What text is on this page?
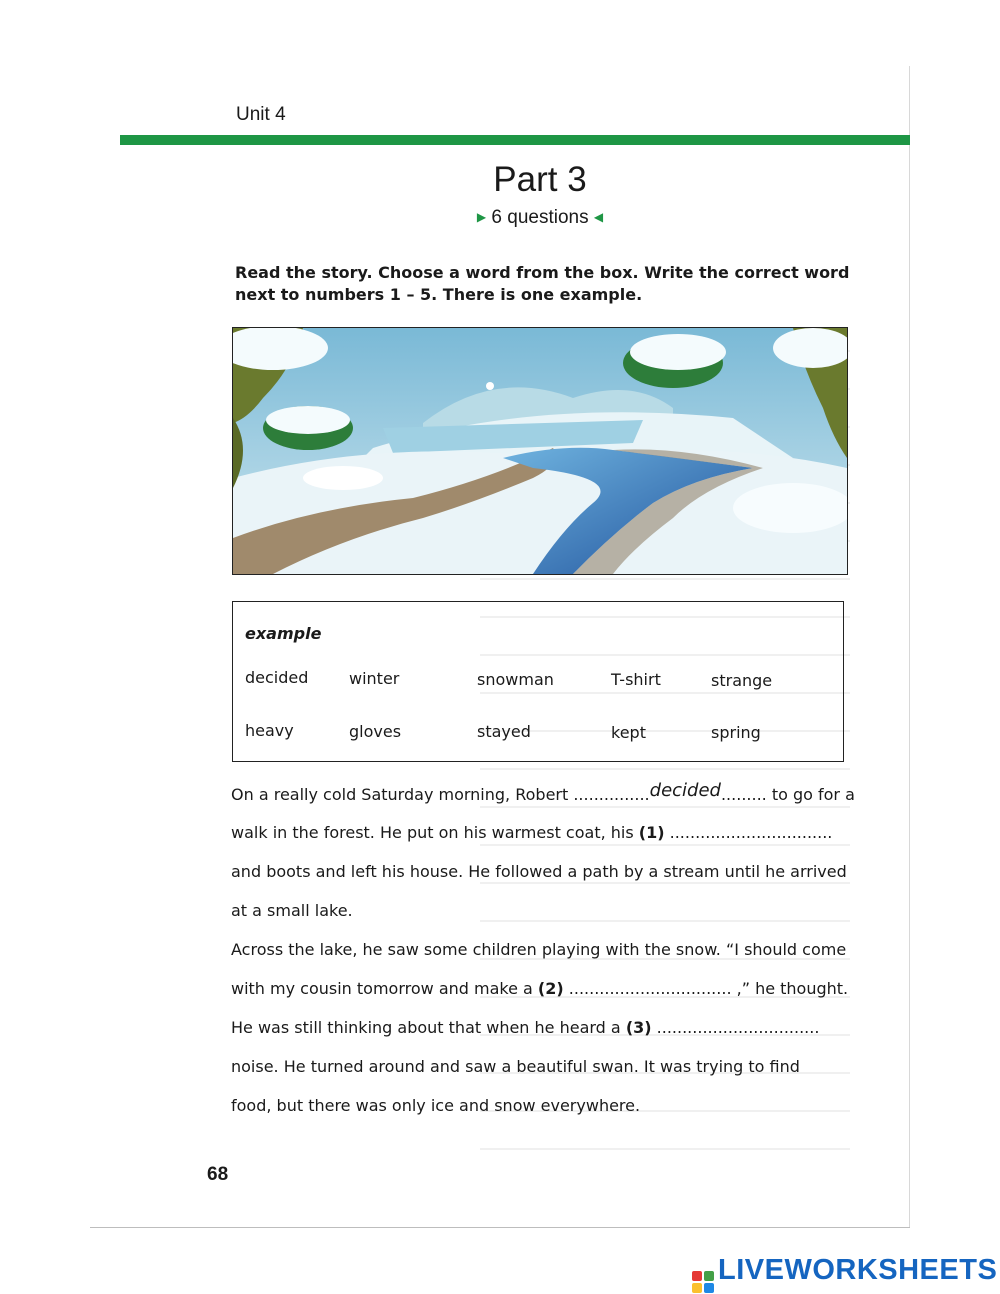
Unit 4
Part 3
▶ 6 questions ◀
Read the story. Choose a word from the box. Write the correct word
next to numbers 1 – 5. There is one example.
example
decided	winter	snowman	T-shirt	strange
heavy	gloves	stayed	kept	spring
On a really cold Saturday morning, Robert ...............decided......... to go for a
walk in the forest. He put on his warmest coat, his (1) ................................
and boots and left his house. He followed a path by a stream until he arrived
at a small lake.
Across the lake, he saw some children playing with the snow. “I should come
with my cousin tomorrow and make a (2) ................................ ,” he thought.
He was still thinking about that when he heard a (3) ................................
noise. He turned around and saw a beautiful swan. It was trying to find
food, but there was only ice and snow everywhere.
68
LIVEWORKSHEETS
